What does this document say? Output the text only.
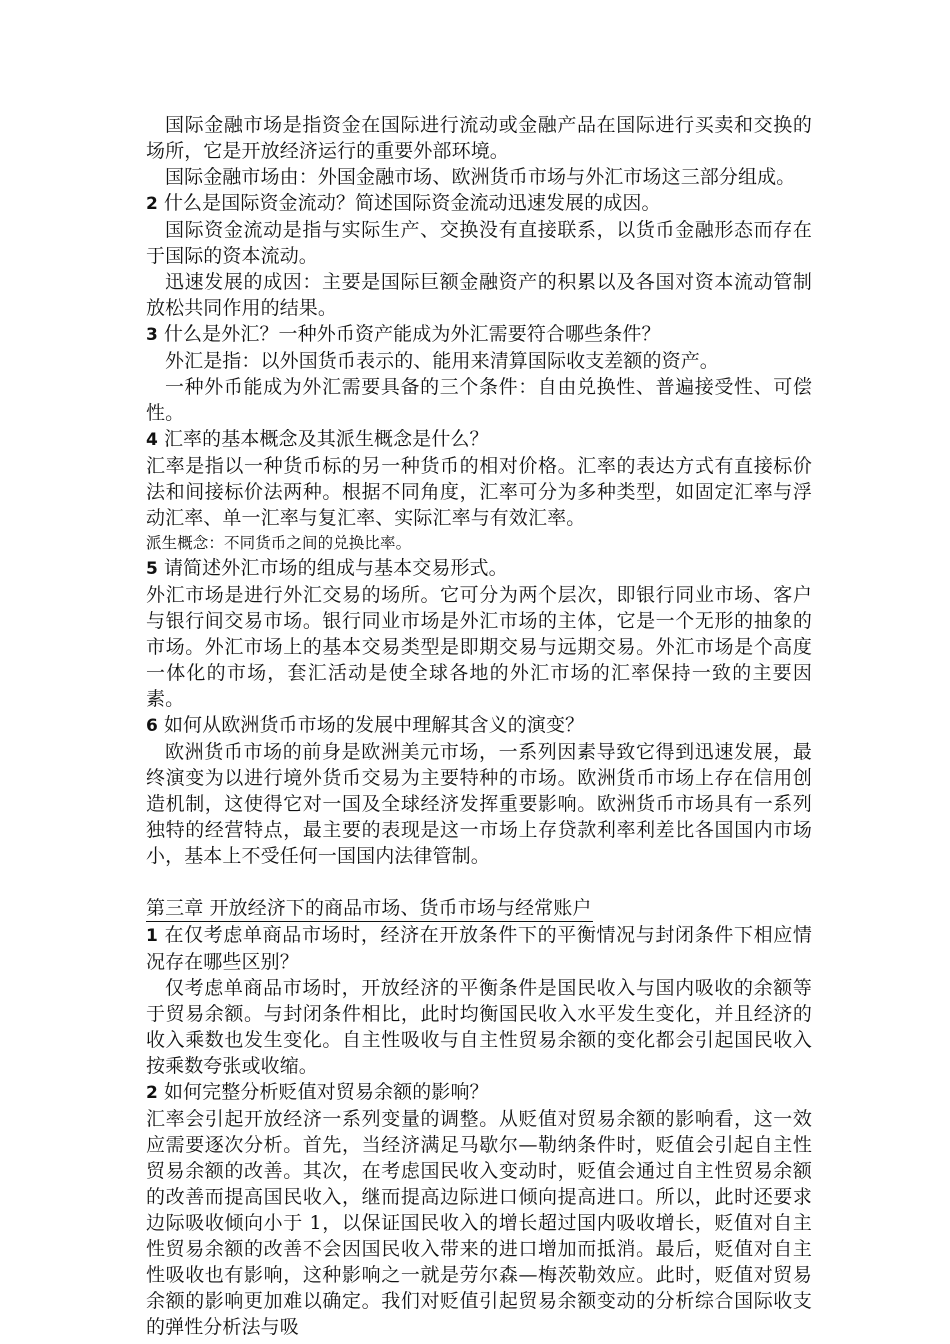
国际金融市场是指资金在国际进行流动或金融产品在国际进行买卖和交换的场所，它是开放经济运行的重要外部环境。

国际金融市场由：外国金融市场、欧洲货币市场与外汇市场这三部分组成。

2 什么是国际资金流动？简述国际资金流动迅速发展的成因。

国际资金流动是指与实际生产、交换没有直接联系，以货币金融形态而存在于国际的资本流动。

迅速发展的成因：主要是国际巨额金融资产的积累以及各国对资本流动管制放松共同作用的结果。

3 什么是外汇？一种外币资产能成为外汇需要符合哪些条件？

外汇是指：以外国货币表示的、能用来清算国际收支差额的资产。

一种外币能成为外汇需要具备的三个条件：自由兑换性、普遍接受性、可偿性。

4 汇率的基本概念及其派生概念是什么？

汇率是指以一种货币标的另一种货币的相对价格。汇率的表达方式有直接标价法和间接标价法两种。根据不同角度，汇率可分为多种类型，如固定汇率与浮动汇率、单一汇率与复汇率、实际汇率与有效汇率。

派生概念：不同货币之间的兑换比率。

5 请简述外汇市场的组成与基本交易形式。

外汇市场是进行外汇交易的场所。它可分为两个层次，即银行同业市场、客户与银行间交易市场。银行同业市场是外汇市场的主体，它是一个无形的抽象的市场。外汇市场上的基本交易类型是即期交易与远期交易。外汇市场是个高度一体化的市场，套汇活动是使全球各地的外汇市场的汇率保持一致的主要因素。

6 如何从欧洲货币市场的发展中理解其含义的演变？

欧洲货币市场的前身是欧洲美元市场，一系列因素导致它得到迅速发展，最终演变为以进行境外货币交易为主要特种的市场。欧洲货币市场上存在信用创造机制，这使得它对一国及全球经济发挥重要影响。欧洲货币市场具有一系列独特的经营特点，最主要的表现是这一市场上存贷款利率利差比各国国内市场小，基本上不受任何一国国内法律管制。

第三章 开放经济下的商品市场、货币市场与经常账户

1 在仅考虑单商品市场时，经济在开放条件下的平衡情况与封闭条件下相应情况存在哪些区别？

仅考虑单商品市场时，开放经济的平衡条件是国民收入与国内吸收的余额等于贸易余额。与封闭条件相比，此时均衡国民收入水平发生变化，并且经济的收入乘数也发生变化。自主性吸收与自主性贸易余额的变化都会引起国民收入按乘数夸张或收缩。

2 如何完整分析贬值对贸易余额的影响？

汇率会引起开放经济一系列变量的调整。从贬值对贸易余额的影响看，这一效应需要逐次分析。首先，当经济满足马歇尔—勒纳条件时，贬值会引起自主性贸易余额的改善。其次，在考虑国民收入变动时，贬值会通过自主性贸易余额的改善而提高国民收入，继而提高边际进口倾向提高进口。所以，此时还要求边际吸收倾向小于 1，以保证国民收入的增长超过国内吸收增长，贬值对自主性贸易余额的改善不会因国民收入带来的进口增加而抵消。最后，贬值对自主性吸收也有影响，这种影响之一就是劳尔森—梅茨勒效应。此时，贬值对贸易余额的影响更加难以确定。我们对贬值引起贸易余额变动的分析综合国际收支的弹性分析法与吸
